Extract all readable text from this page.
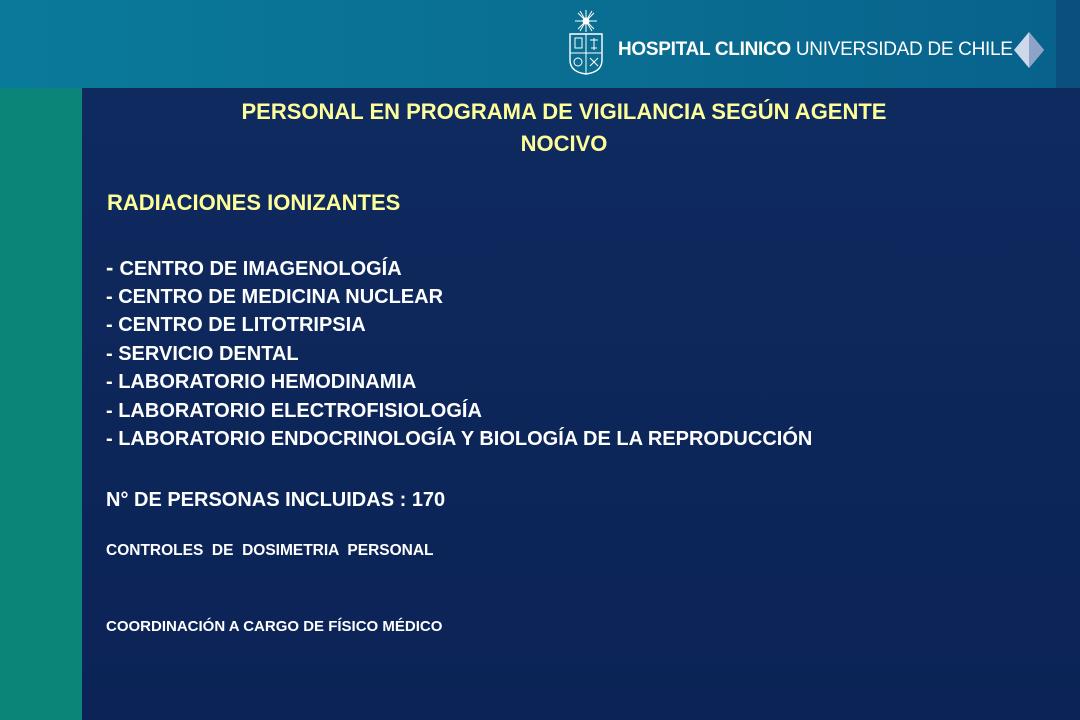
HOSPITAL CLINICO UNIVERSIDAD DE CHILE
PERSONAL EN PROGRAMA DE VIGILANCIA SEGÚN AGENTE
NOCIVO
RADIACIONES IONIZANTES
- CENTRO DE IMAGENOLOGÍA
- CENTRO DE MEDICINA NUCLEAR
- CENTRO DE LITOTRIPSIA
- SERVICIO DENTAL
- LABORATORIO HEMODINAMIA
- LABORATORIO ELECTROFISIOLOGÍA
- LABORATORIO ENDOCRINOLOGÍA Y BIOLOGÍA DE LA REPRODUCCIÓN
N° DE PERSONAS INCLUIDAS : 170
CONTROLES  DE  DOSIMETRIA  PERSONAL
COORDINACIÓN A CARGO DE FÍSICO MÉDICO
